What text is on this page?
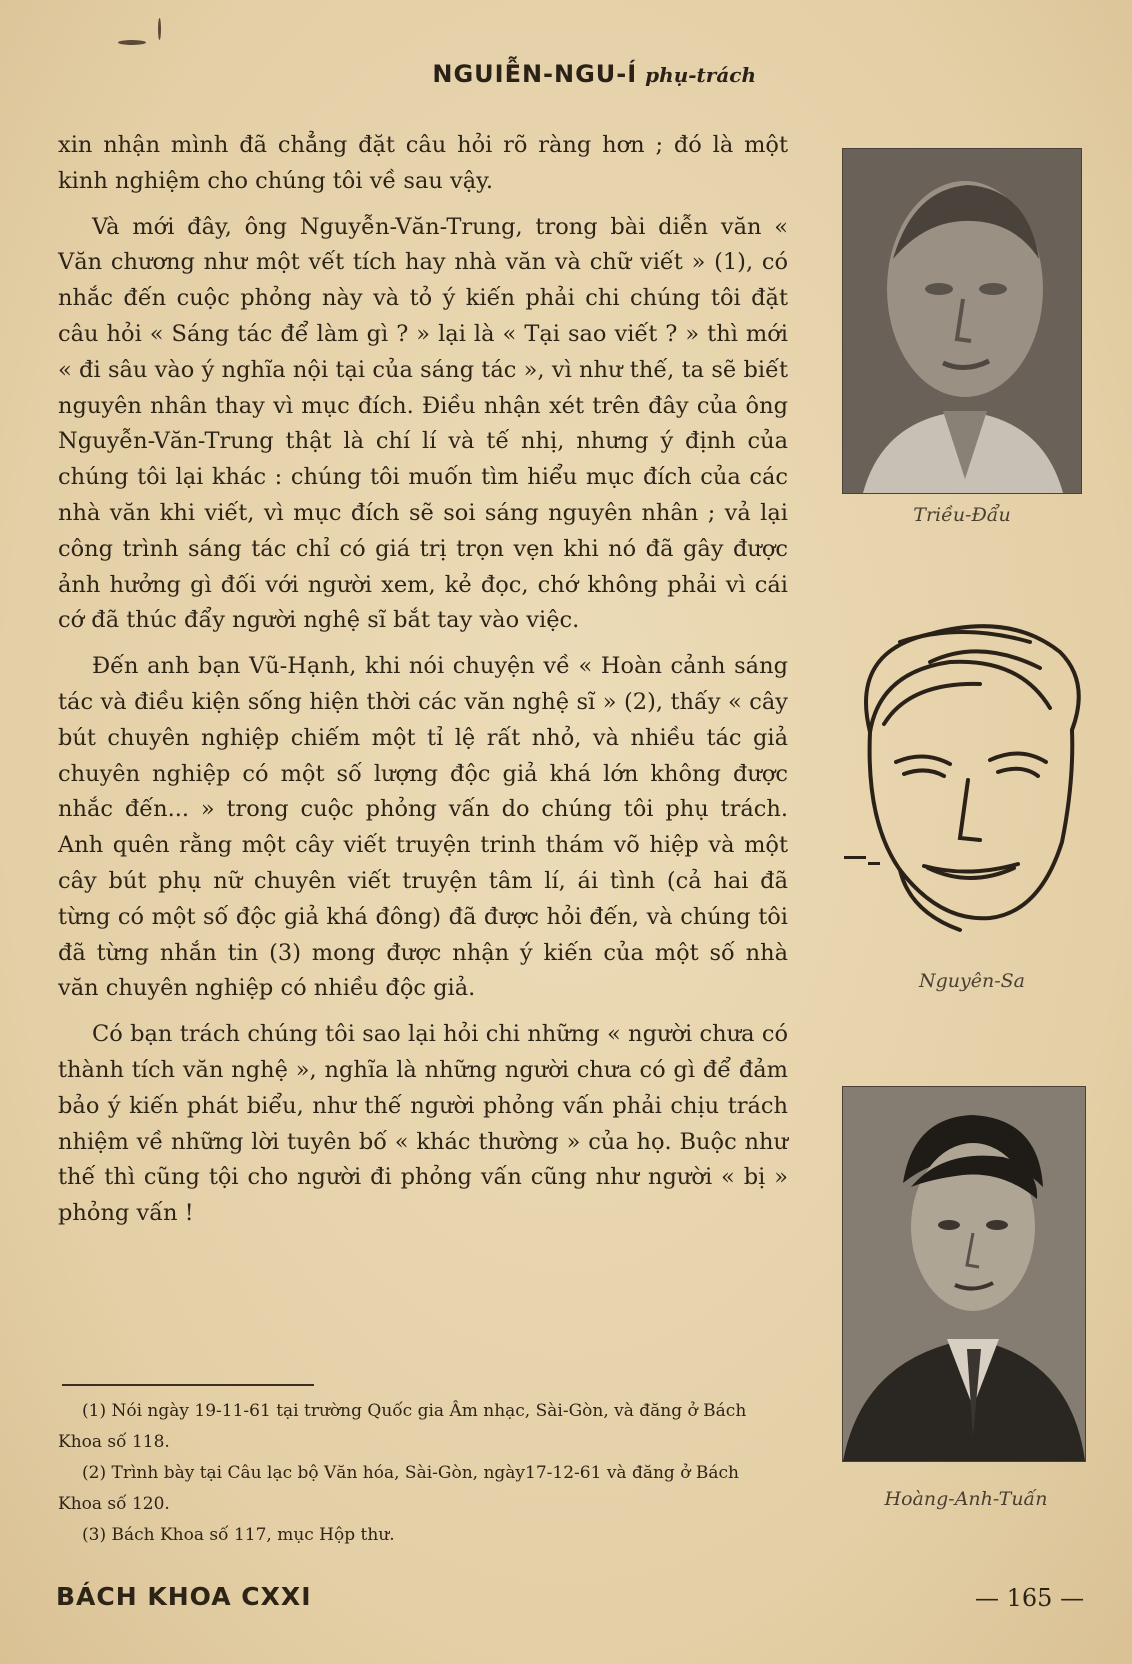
NGUIỄN-NGU-Í phụ-trách

xin nhận mình đã chẳng đặt câu hỏi rõ ràng hơn ; đó là một kinh nghiệm cho chúng tôi về sau vậy.

Và mới đây, ông Nguyễn-Văn-Trung, trong bài diễn văn « Văn chương như một vết tích hay nhà văn và chữ viết » (1), có nhắc đến cuộc phỏng này và tỏ ý kiến phải chi chúng tôi đặt câu hỏi « Sáng tác để làm gì ? » lại là « Tại sao viết ? » thì mới « đi sâu vào ý nghĩa nội tại của sáng tác », vì như thế, ta sẽ biết nguyên nhân thay vì mục đích. Điều nhận xét trên đây của ông Nguyễn-Văn-Trung thật là chí lí và tế nhị, nhưng ý định của chúng tôi lại khác : chúng tôi muốn tìm hiểu mục đích của các nhà văn khi viết, vì mục đích sẽ soi sáng nguyên nhân ; vả lại công trình sáng tác chỉ có giá trị trọn vẹn khi nó đã gây được ảnh hưởng gì đối với người xem, kẻ đọc, chớ không phải vì cái cớ đã thúc đẩy người nghệ sĩ bắt tay vào việc.

Đến anh bạn Vũ-Hạnh, khi nói chuyện về « Hoàn cảnh sáng tác và điều kiện sống hiện thời các văn nghệ sĩ » (2), thấy « cây bút chuyên nghiệp chiếm một tỉ lệ rất nhỏ, và nhiều tác giả chuyên nghiệp có một số lượng độc giả khá lớn không được nhắc đến... » trong cuộc phỏng vấn do chúng tôi phụ trách. Anh quên rằng một cây viết truyện trinh thám võ hiệp và một cây bút phụ nữ chuyên viết truyện tâm lí, ái tình (cả hai đã từng có một số độc giả khá đông) đã được hỏi đến, và chúng tôi đã từng nhắn tin (3) mong được nhận ý kiến của một số nhà văn chuyên nghiệp có nhiều độc giả.

Có bạn trách chúng tôi sao lại hỏi chi những « người chưa có thành tích văn nghệ », nghĩa là những người chưa có gì để đảm bảo ý kiến phát biểu, như thế người phỏng vấn phải chịu trách nhiệm về những lời tuyên bố « khác thường » của họ. Buộc như thế thì cũng tội cho người đi phỏng vấn cũng như người « bị » phỏng vấn !

(1) Nói ngày 19-11-61 tại trường Quốc gia Âm nhạc, Sài-Gòn, và đăng ở Bách Khoa số 118.

(2) Trình bày tại Câu lạc bộ Văn hóa, Sài-Gòn, ngày17-12-61 và đăng ở Bách Khoa số 120.

(3) Bách Khoa số 117, mục Hộp thư.

Triều-Đẩu
Nguyên-Sa
Hoàng-Anh-Tuấn
BÁCH KHOA CXXI	— 165 —
